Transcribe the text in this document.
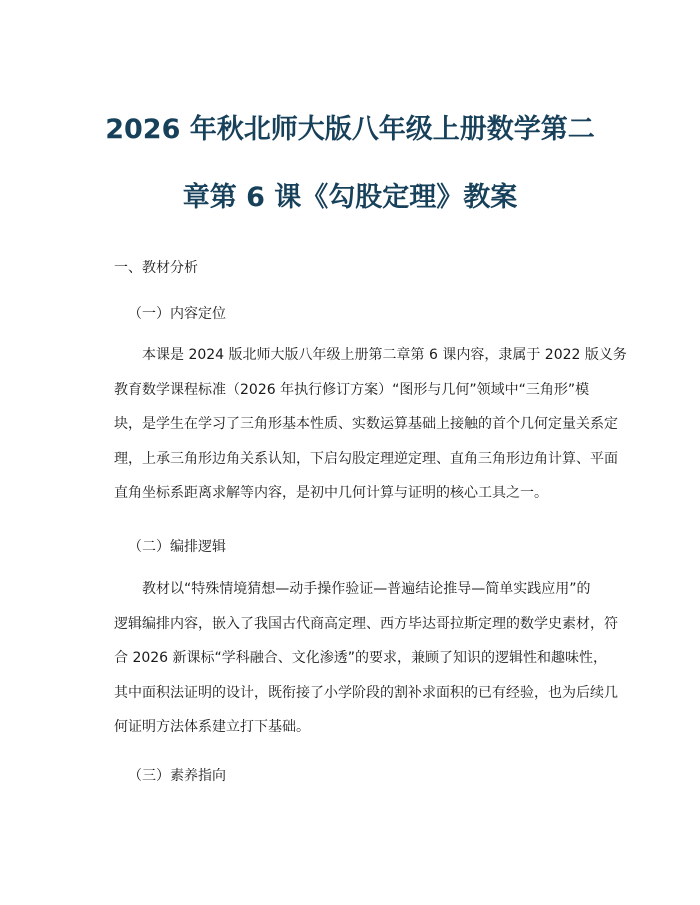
2026 年秋北师大版八年级上册数学第二
章第 6 课《勾股定理》教案

一、教材分析

（一）内容定位

本课是 2024 版北师大版八年级上册第二章第 6 课内容，隶属于 2022 版义务
教育数学课程标准（2026 年执行修订方案）“图形与几何”领域中“三角形”模
块，是学生在学习了三角形基本性质、实数运算基础上接触的首个几何定量关系定
理，上承三角形边角关系认知，下启勾股定理逆定理、直角三角形边角计算、平面
直角坐标系距离求解等内容，是初中几何计算与证明的核心工具之一。

（二）编排逻辑

教材以“特殊情境猜想—动手操作验证—普遍结论推导—简单实践应用”的
逻辑编排内容，嵌入了我国古代商高定理、西方毕达哥拉斯定理的数学史素材，符
合 2026 新课标“学科融合、文化渗透”的要求，兼顾了知识的逻辑性和趣味性，
其中面积法证明的设计，既衔接了小学阶段的割补求面积的已有经验，也为后续几
何证明方法体系建立打下基础。

（三）素养指向
